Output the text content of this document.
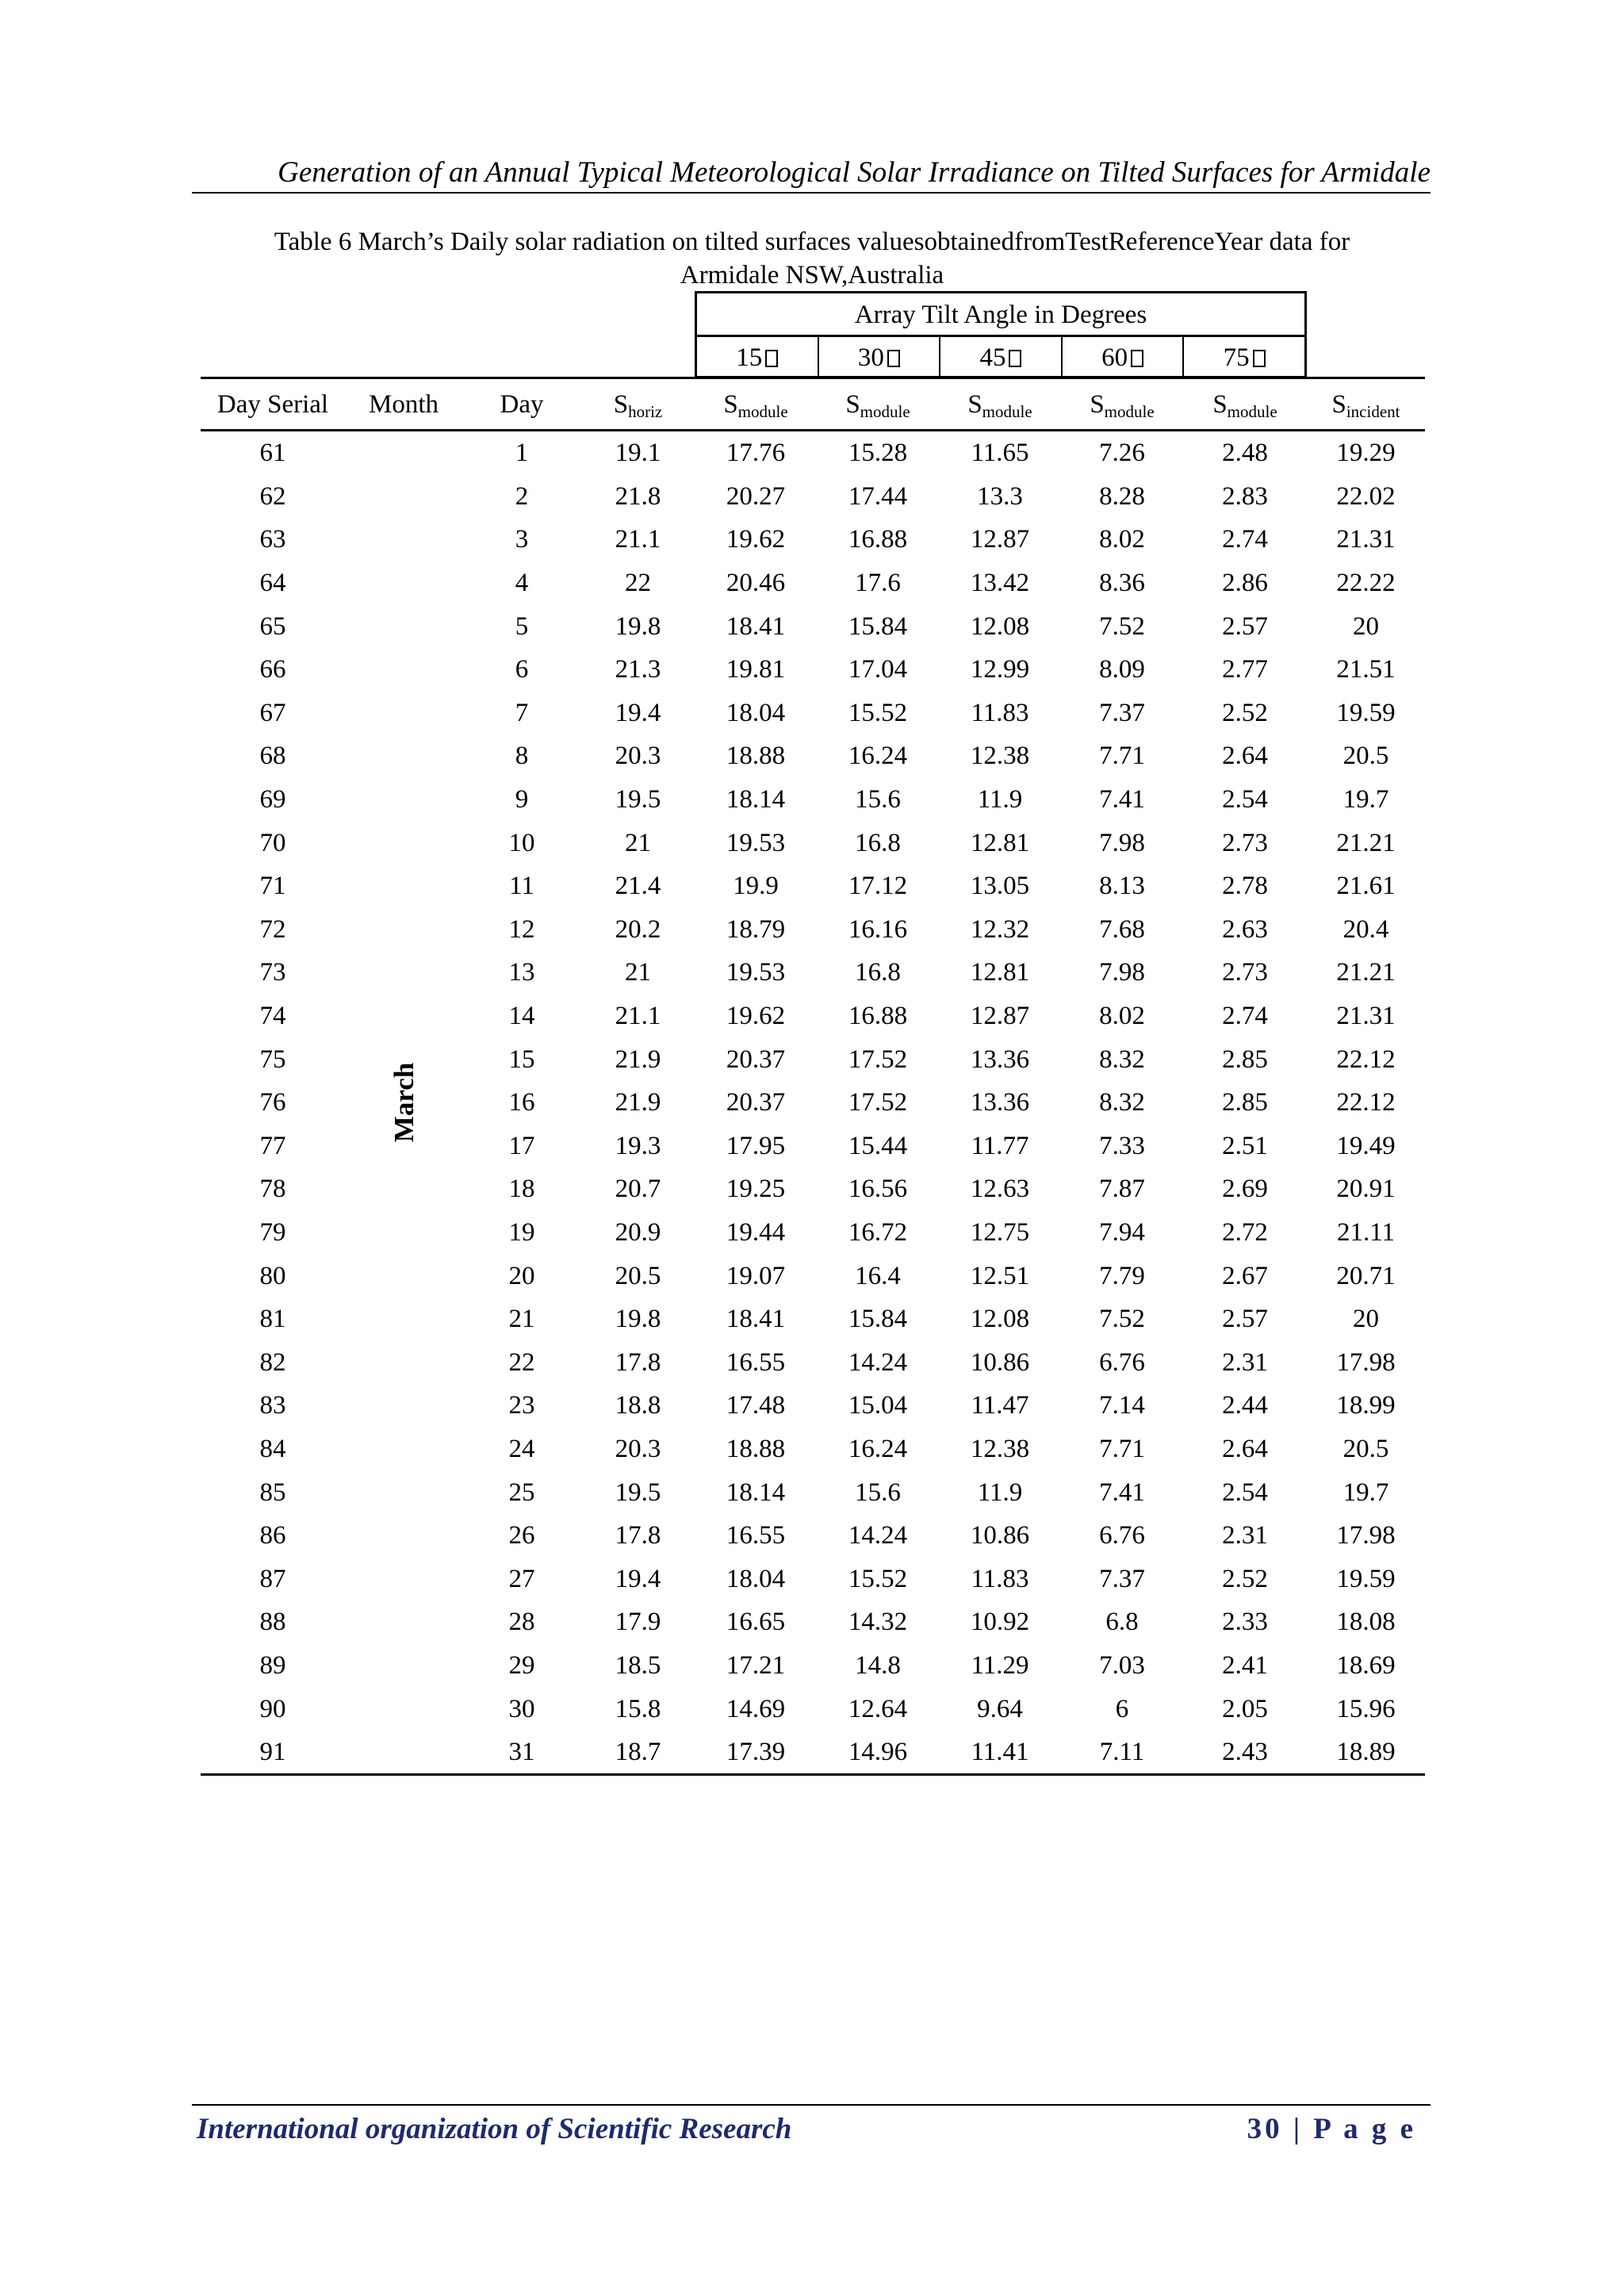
Generation of an Annual Typical Meteorological Solar Irradiance on Tilted Surfaces for Armidale
Table 6 March’s Daily solar radiation on tilted surfaces valuesobtainedfromTestReferenceYear data for
Armidale NSW,Australia
Array Tilt Angle in Degrees
15	30	45	60	75
Day Serial	Month	Day	$S_{horiz}$	$S_{module}$	$S_{module}$	$S_{module}$	$S_{module}$	$S_{module}$	$S_{incident}$
61		1	19.1	17.76	15.28	11.65	7.26	2.48	19.29
62		2	21.8	20.27	17.44	13.3	8.28	2.83	22.02
63		3	21.1	19.62	16.88	12.87	8.02	2.74	21.31
64		4	22	20.46	17.6	13.42	8.36	2.86	22.22
65		5	19.8	18.41	15.84	12.08	7.52	2.57	20
66		6	21.3	19.81	17.04	12.99	8.09	2.77	21.51
67		7	19.4	18.04	15.52	11.83	7.37	2.52	19.59
68		8	20.3	18.88	16.24	12.38	7.71	2.64	20.5
69		9	19.5	18.14	15.6	11.9	7.41	2.54	19.7
70		10	21	19.53	16.8	12.81	7.98	2.73	21.21
71		11	21.4	19.9	17.12	13.05	8.13	2.78	21.61
72		12	20.2	18.79	16.16	12.32	7.68	2.63	20.4
73		13	21	19.53	16.8	12.81	7.98	2.73	21.21
74		14	21.1	19.62	16.88	12.87	8.02	2.74	21.31
75		15	21.9	20.37	17.52	13.36	8.32	2.85	22.12
76		16	21.9	20.37	17.52	13.36	8.32	2.85	22.12
77		17	19.3	17.95	15.44	11.77	7.33	2.51	19.49
78		18	20.7	19.25	16.56	12.63	7.87	2.69	20.91
79		19	20.9	19.44	16.72	12.75	7.94	2.72	21.11
80		20	20.5	19.07	16.4	12.51	7.79	2.67	20.71
81		21	19.8	18.41	15.84	12.08	7.52	2.57	20
82		22	17.8	16.55	14.24	10.86	6.76	2.31	17.98
83		23	18.8	17.48	15.04	11.47	7.14	2.44	18.99
84		24	20.3	18.88	16.24	12.38	7.71	2.64	20.5
85		25	19.5	18.14	15.6	11.9	7.41	2.54	19.7
86		26	17.8	16.55	14.24	10.86	6.76	2.31	17.98
87		27	19.4	18.04	15.52	11.83	7.37	2.52	19.59
88		28	17.9	16.65	14.32	10.92	6.8	2.33	18.08
89		29	18.5	17.21	14.8	11.29	7.03	2.41	18.69
90		30	15.8	14.69	12.64	9.64	6	2.05	15.96
91		31	18.7	17.39	14.96	11.41	7.11	2.43	18.89
March
International organization of Scientific Research	30 | P a g e
